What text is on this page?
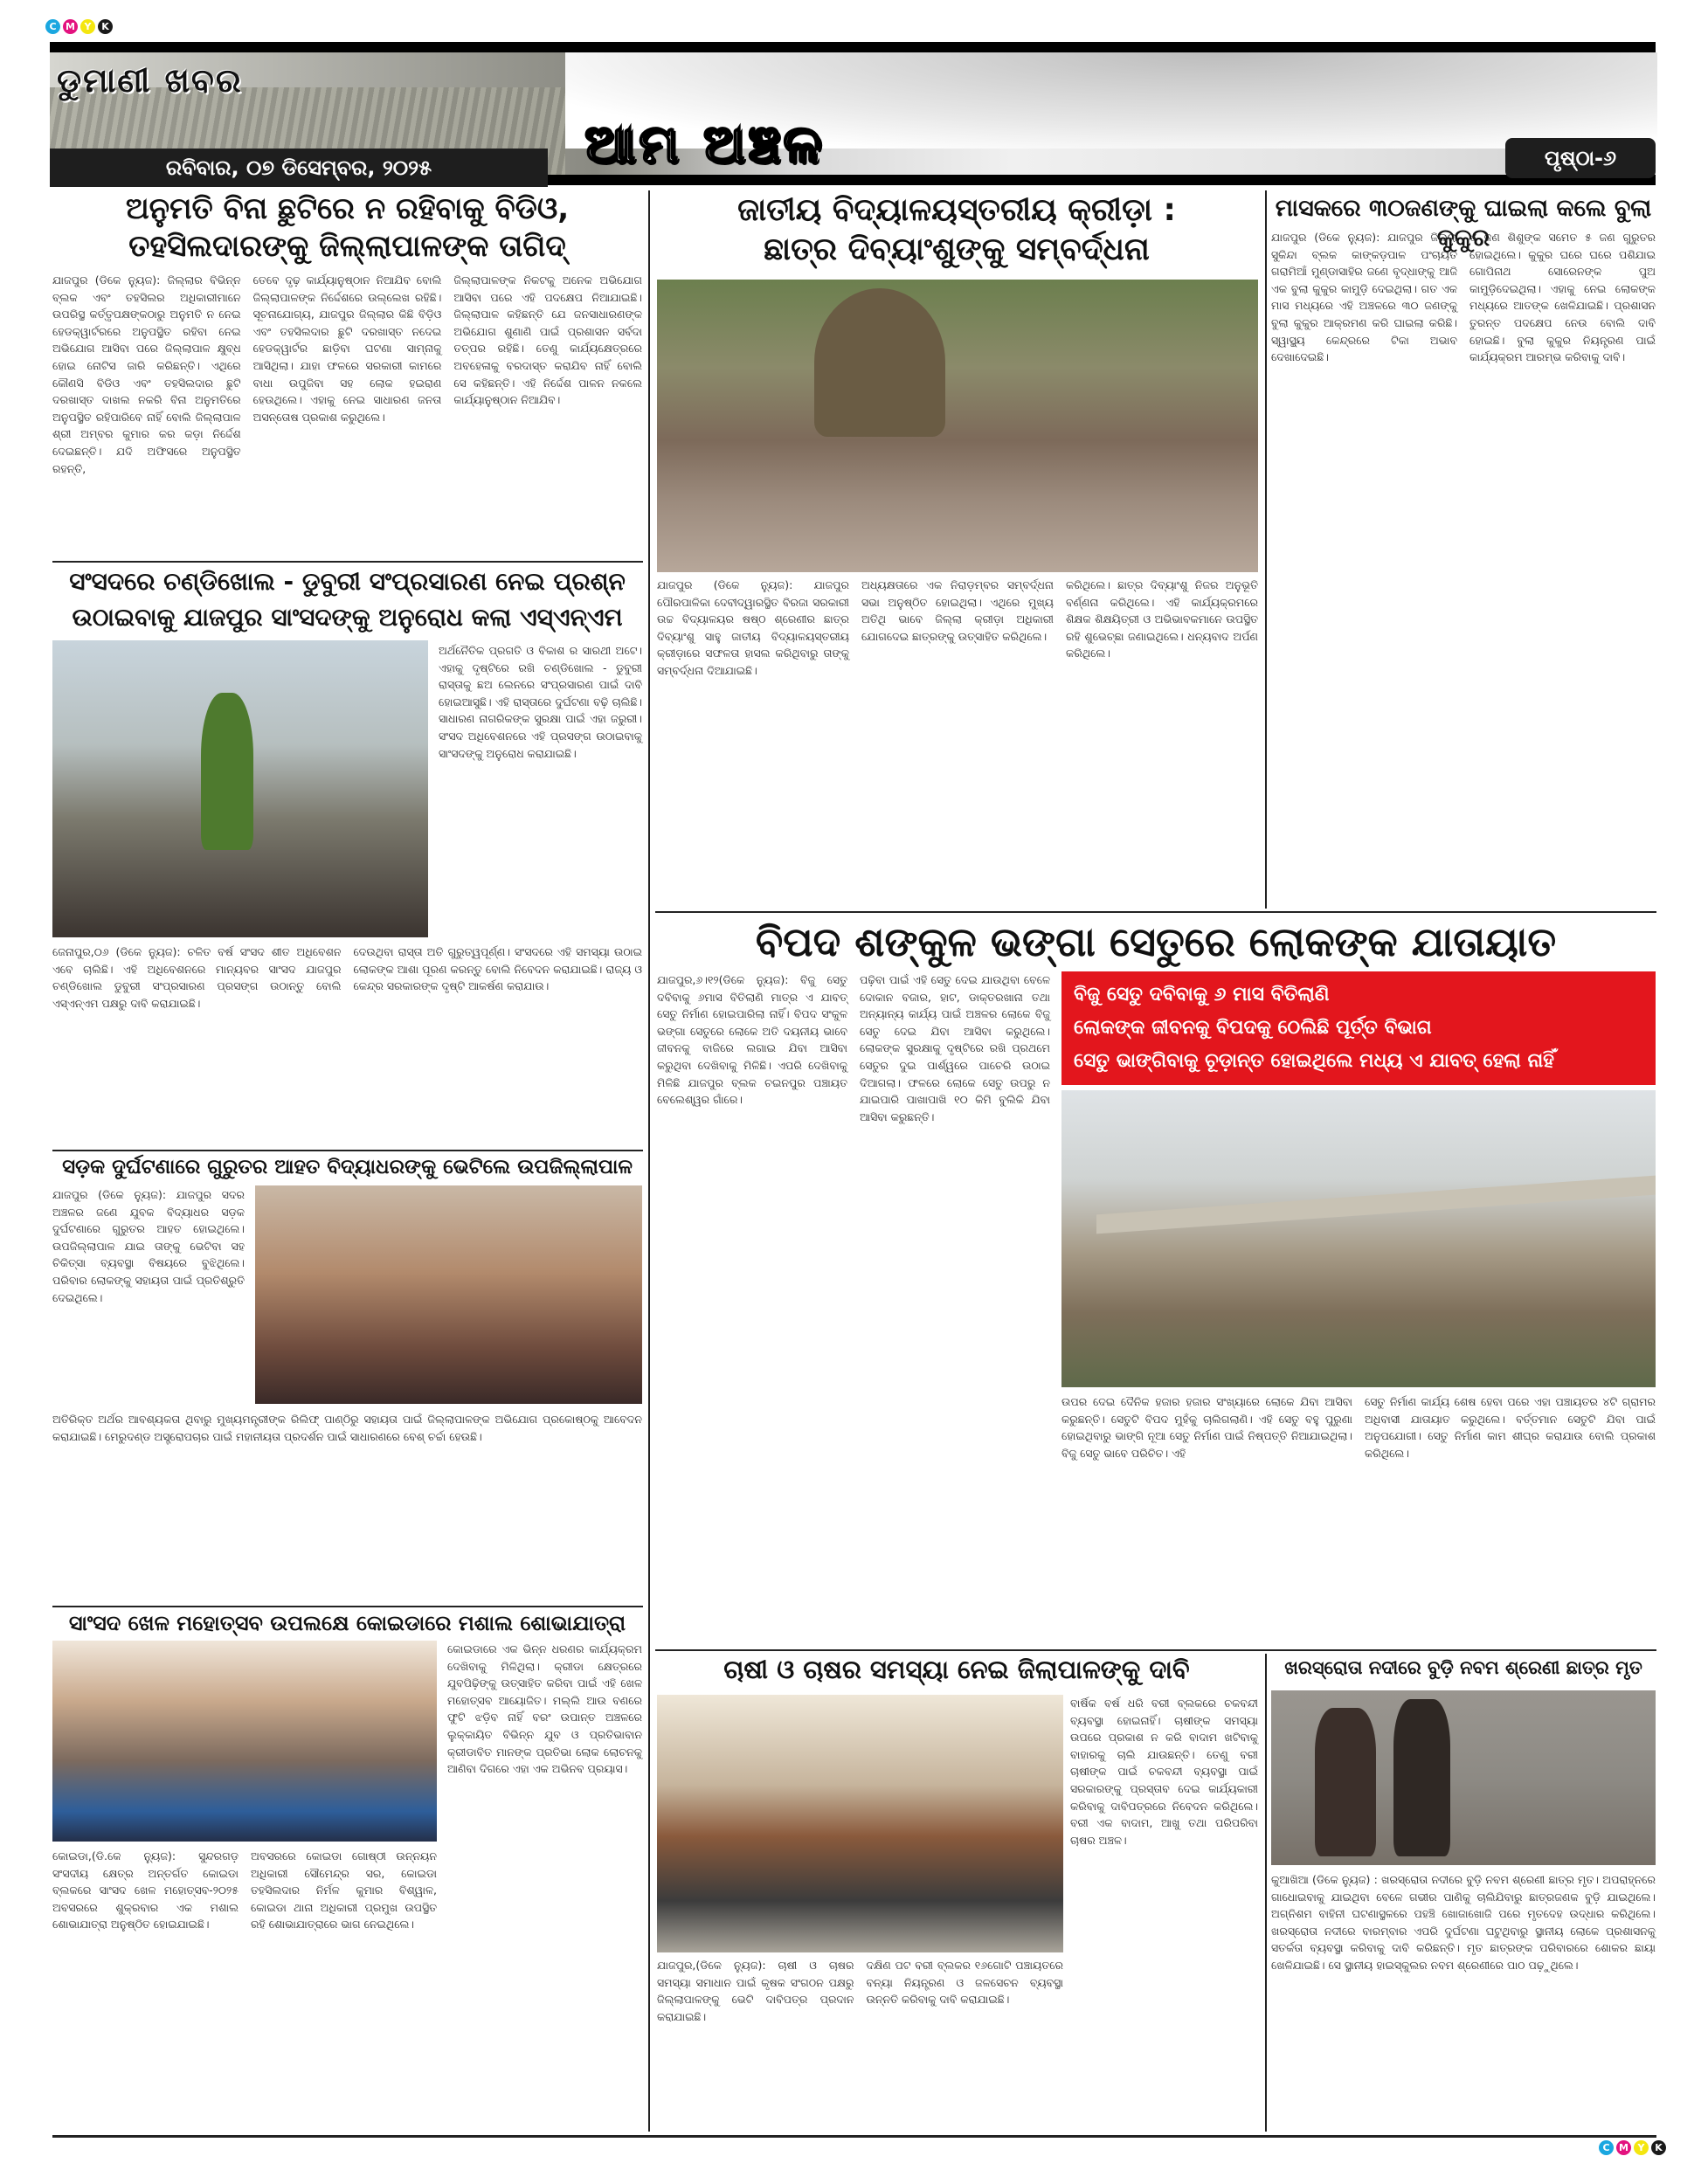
C M Y	K
ଡୁମାଣୀ ଖବର
ରବିବାର, ୦୭ ଡିସେମ୍ବର, ୨୦୨୫	ଆମ ଅଞ୍ଚଳ	ପୃଷ୍ଠା-୬
ଅନୁମତି ବିନା ଛୁଟିରେ ନ ରହିବାକୁ ବିଡିଓ,
ତହସିଲଦାରଙ୍କୁ ଜିଲ୍ଲାପାଳଙ୍କ ତାଗିଦ୍
ଯାଜପୁର (ଡିକେ ନ୍ୟୁଜ): ଜିଲ୍ଲାର ବିଭିନ୍ନ ବ୍ଲକ ଏବଂ ତହସିଲର ଅଧିକାରୀମାନେ ଉପରିସ୍ଥ କର୍ତ୍ତୃପକ୍ଷଙ୍କଠାରୁ ଅନୁମତି ନ ନେଇ ହେଡକ୍ୱାର୍ଟରରେ ଅନୁପସ୍ଥିତ ରହିବା ନେଇ ଅଭିଯୋଗ ଆସିବା ପରେ ଜିଲ୍ଲାପାଳ କ୍ଷୁବ୍ଧ ହୋଇ ନୋଟିସ ଜାରି କରିଛନ୍ତି। ଏଥିରେ କୌଣସି ବିଡିଓ ଏବଂ ତହସିଲଦାର ଛୁଟି ଦରଖାସ୍ତ ଦାଖଲ ନକରି ବିନା ଅନୁମତିରେ ଅନୁପସ୍ଥିତ ରହିପାରିବେ ନାହିଁ ବୋଲି ଜିଲ୍ଲାପାଳ ଶ୍ରୀ ଅମ୍ବର କୁମାର କର କଡ଼ା ନିର୍ଦ୍ଦେଶ ଦେଇଛନ୍ତି। ଯଦି ଅଫିସରେ ଅନୁପସ୍ଥିତ ରହନ୍ତି,
ତେବେ ଦୃଢ଼ କାର୍ଯ୍ୟାନୁଷ୍ଠାନ ନିଆଯିବ ବୋଲି ଜିଲ୍ଲାପାଳଙ୍କ ନିର୍ଦ୍ଦେଶରେ ଉଲ୍ଲେଖ ରହିଛି। ସୂଚନାଯୋଗ୍ୟ, ଯାଜପୁର ଜିଲ୍ଲାର କିଛି ବିଡ଼ିଓ ଏବଂ ତହସିଲଦାର ଛୁଟି ଦରଖାସ୍ତ ନଦେଇ ହେଡକ୍ୱାର୍ଟର ଛାଡ଼ିବା ଘଟଣା ସାମ୍ନାକୁ ଆସିଥିଲା। ଯାହା ଫଳରେ ସରକାରୀ କାମରେ ବାଧା ଉପୁଜିବା ସହ ଲୋକ ହଇରାଣ ହେଉଥିଲେ। ଏହାକୁ ନେଇ ସାଧାରଣ ଜନତା ଅସନ୍ତୋଷ ପ୍ରକାଶ କରୁଥିଲେ।
ଜିଲ୍ଲାପାଳଙ୍କ ନିକଟକୁ ଅନେକ ଅଭିଯୋଗ ଆସିବା ପରେ ଏହି ପଦକ୍ଷେପ ନିଆଯାଇଛି। ଜିଲ୍ଲାପାଳ କହିଛନ୍ତି ଯେ ଜନସାଧାରଣଙ୍କ ଅଭିଯୋଗ ଶୁଣାଣି ପାଇଁ ପ୍ରଶାସନ ସର୍ବଦା ତତ୍ପର ରହିଛି। ତେଣୁ କାର୍ଯ୍ୟକ୍ଷେତ୍ରରେ ଅବହେଳାକୁ ବରଦାସ୍ତ କରାଯିବ ନାହିଁ ବୋଲି ସେ କହିଛନ୍ତି। ଏହି ନିର୍ଦ୍ଦେଶ ପାଳନ ନକଲେ କାର୍ଯ୍ୟାନୁଷ୍ଠାନ ନିଆଯିବ।
ସଂସଦରେ ଚଣ୍ଡିଖୋଲ - ଡୁବୁରୀ ସଂପ୍ରସାରଣ ନେଇ ପ୍ରଶ୍ନ
ଉଠାଇବାକୁ ଯାଜପୁର ସାଂସଦଙ୍କୁ ଅନୁରୋଧ କଲା ଏସ୍ଏନ୍ଏମ
ଅର୍ଥନୈତିକ ପ୍ରଗତି ଓ ବିକାଶ ର ସାରଥୀ ଅଟେ। ଏହାକୁ ଦୃଷ୍ଟିରେ ରଖି ଚଣ୍ଡିଖୋଲ - ଡୁବୁରୀ ରାସ୍ତାକୁ ଛଅ ଲେନରେ ସଂପ୍ରସାରଣ ପାଇଁ ଦାବି ହୋଇଆସୁଛି। ଏହି ରାସ୍ତାରେ ଦୁର୍ଘଟଣା ବଢ଼ି ଚାଲିଛି। ସାଧାରଣ ନାଗରିକଙ୍କ ସୁରକ୍ଷା ପାଇଁ ଏହା ଜରୁରୀ। ସଂସଦ ଅଧିବେଶନରେ ଏହି ପ୍ରସଙ୍ଗ ଉଠାଇବାକୁ ସାଂସଦଙ୍କୁ ଅନୁରୋଧ କରାଯାଇଛି।
ଜେନାପୁର,୦୬ (ଡିକେ ନ୍ୟୁଜ): ଚଳିତ ବର୍ଷ ସଂସଦ ଶୀତ ଅଧିବେଶନ ଏବେ ଚାଲିଛି। ଏହି ଅଧିବେଶନରେ ମାନ୍ୟବର ସାଂସଦ ଯାଜପୁର ଚଣ୍ଡିଖୋଲ ଡୁବୁରୀ ସଂପ୍ରସାରଣ ପ୍ରସଙ୍ଗ ଉଠାନ୍ତୁ ବୋଲି ଏସ୍ଏନ୍ଏମ ପକ୍ଷରୁ ଦାବି କରାଯାଇଛି।
ଦେଉଥିବା ରାସ୍ତା ଅତି ଗୁରୁତ୍ୱପୂର୍ଣ୍ଣ। ସଂସଦରେ ଏହି ସମସ୍ୟା ଉଠାଇ ଲୋକଙ୍କ ଆଶା ପୂରଣ କରନ୍ତୁ ବୋଲି ନିବେଦନ କରାଯାଇଛି। ରାଜ୍ୟ ଓ କେନ୍ଦ୍ର ସରକାରଙ୍କ ଦୃଷ୍ଟି ଆକର୍ଷଣ କରାଯାଉ।
ସଡ଼କ ଦୁର୍ଘଟଣାରେ ଗୁରୁତର ଆହତ ବିଦ୍ୟାଧରଙ୍କୁ ଭେଟିଲେ ଉପଜିଲ୍ଲାପାଳ
ଯାଜପୁର (ଡିକେ ନ୍ୟୁଜ): ଯାଜପୁର ସଦର ଅଞ୍ଚଳର ଜଣେ ଯୁବକ ବିଦ୍ୟାଧର ସଡ଼କ ଦୁର୍ଘଟଣାରେ ଗୁରୁତର ଆହତ ହୋଇଥିଲେ। ଉପଜିଲ୍ଲାପାଳ ଯାଇ ତାଙ୍କୁ ଭେଟିବା ସହ ଚିକିତ୍ସା ବ୍ୟବସ୍ଥା ବିଷୟରେ ବୁଝିଥିଲେ। ପରିବାର ଲୋକଙ୍କୁ ସହାୟତା ପାଇଁ ପ୍ରତିଶ୍ରୁତି ଦେଇଥିଲେ।
ଅତିରିକ୍ତ ଅର୍ଥର ଆବଶ୍ୟକତା ଥିବାରୁ ମୁଖ୍ୟମନ୍ତ୍ରୀଙ୍କ ରିଲିଫ୍ ପାଣ୍ଠିରୁ ସହାୟତା ପାଇଁ ଜିଲ୍ଲାପାଳଙ୍କ ଅଭିଯୋଗ ପ୍ରକୋଷ୍ଠକୁ ଆବେଦନ କରାଯାଇଛି। ମେରୁଦଣ୍ଡ ଅସ୍ତ୍ରୋପଚାର ପାଇଁ ମହାନୀୟତା ପ୍ରଦର୍ଶନ ପାଇଁ ସାଧାରଣରେ ବେଶ୍ ଚର୍ଚ୍ଚା ହେଉଛି।
ସାଂସଦ ଖେଳ ମହୋତ୍ସବ ଉପଲକ୍ଷେ କୋଇଡାରେ ମଶାଲ ଶୋଭାଯାତ୍ରା
କୋଇଡାରେ ଏକ ଭିନ୍ନ ଧରଣର କାର୍ଯ୍ୟକ୍ରମ ଦେଖିବାକୁ ମିଳିଥିଲା। କ୍ରୀଡା କ୍ଷେତ୍ରରେ ଯୁବପିଢ଼ିଙ୍କୁ ଉତ୍ସାହିତ କରିବା ପାଇଁ ଏହି ଖେଳ ମହୋତ୍ସବ ଆୟୋଜିତ। ମଲ୍ଲି ଆଉ ବଣରେ ଫୁଟି ଝଡ଼ିବ ନାହିଁ ବରଂ ଉପାନ୍ତ ଅଞ୍ଚଳରେ ଲୁକ୍କାୟିତ ବିଭିନ୍ନ ଯୁବ ଓ ପ୍ରତିଭାବାନ କ୍ରୀଡାବିତ ମାନଙ୍କ ପ୍ରତିଭା ଲୋକ ଲୋଚନକୁ ଆଣିବା ଦିଗରେ ଏହା ଏକ ଅଭିନବ ପ୍ରୟାସ।
କୋଇଡା,(ଡି.କେ ନ୍ୟୁଜ): ସୁନ୍ଦରଗଡ଼ ସଂସଦୀୟ କ୍ଷେତ୍ର ଅନ୍ତର୍ଗତ କୋଇଡା ବ୍ଲକରେ ସାଂସଦ ଖେଳ ମହୋତ୍ସବ-୨୦୨୫ ଅବସରରେ ଶୁକ୍ରବାର ଏକ ମଶାଲ ଶୋଭାଯାତ୍ରା ଅନୁଷ୍ଠିତ ହୋଇଯାଇଛି।
ଅବସରରେ କୋଇଡା ଗୋଷ୍ଠୀ ଉନ୍ନୟନ ଅଧିକାରୀ ସୌମେନ୍ଦ୍ର ସର, କୋଇଡା ତହସିଲଦାର ନିର୍ମଳ କୁମାର ବିଶ୍ୱାଳ, କୋଇଡା ଥାନା ଅଧିକାରୀ ପ୍ରମୁଖ ଉପସ୍ଥିତ ରହି ଶୋଭାଯାତ୍ରାରେ ଭାଗ ନେଇଥିଲେ।
ଜାତୀୟ ବିଦ୍ୟାଳୟସ୍ତରୀୟ କ୍ରୀଡ଼ା :
ଛାତ୍ର ଦିବ୍ୟାଂଶୁଙ୍କୁ ସମ୍ବର୍ଦ୍ଧନା
ଯାଜପୁର (ଡିକେ ନ୍ୟୁଜ): ଯାଜପୁର ପୌରପାଳିକା ଦେବୀଦ୍ୱାରସ୍ଥିତ ବିରଜା ସରକାରୀ ଉଚ୍ଚ ବିଦ୍ୟାଳୟର ଷଷ୍ଠ ଶ୍ରେଣୀର ଛାତ୍ର ଦିବ୍ୟାଂଶୁ ସାହୁ ଜାତୀୟ ବିଦ୍ୟାଳୟସ୍ତରୀୟ କ୍ରୀଡ଼ାରେ ସଫଳତା ହାସଲ କରିଥିବାରୁ ତାଙ୍କୁ ସମ୍ବର୍ଦ୍ଧନା ଦିଆଯାଇଛି।
ଅଧ୍ୟକ୍ଷତାରେ ଏକ ନିରାଡ଼ମ୍ବର ସମ୍ବର୍ଦ୍ଧନା ସଭା ଅନୁଷ୍ଠିତ ହୋଇଥିଲା। ଏଥିରେ ମୁଖ୍ୟ ଅତିଥି ଭାବେ ଜିଲ୍ଲା କ୍ରୀଡ଼ା ଅଧିକାରୀ ଯୋଗଦେଇ ଛାତ୍ରଙ୍କୁ ଉତ୍ସାହିତ କରିଥିଲେ।
କରିଥିଲେ। ଛାତ୍ର ଦିବ୍ୟାଂଶୁ ନିଜର ଅନୁଭୂତି ବର୍ଣ୍ଣନା କରିଥିଲେ। ଏହି କାର୍ଯ୍ୟକ୍ରମରେ ଶିକ୍ଷକ ଶିକ୍ଷୟିତ୍ରୀ ଓ ଅଭିଭାବକମାନେ ଉପସ୍ଥିତ ରହି ଶୁଭେଚ୍ଛା ଜଣାଇଥିଲେ। ଧନ୍ୟବାଦ ଅର୍ପଣ କରିଥିଲେ।
ମାସକରେ ୩୦ଜଣଙ୍କୁ ଘାଇଲା କଲେ ବୁଲା କୁକୁର
ଯାଜପୁର (ଡିକେ ନ୍ୟୁଜ): ଯାଜପୁର ଜିଲ୍ଲା ସୁକିନ୍ଦା ବ୍ଲକ କାଙ୍କଡ଼ପାଳ ପଂଚାୟତ ଗରାମିଆଁ ମୁଣ୍ଡାସାହିର ଜଣେ ବୃଦ୍ଧାଙ୍କୁ ଆଜି ଏକ ବୁଲା କୁକୁର କାମୁଡ଼ି ଦେଇଥିଲା। ଗତ ଏକ ମାସ ମଧ୍ୟରେ ଏହି ଅଞ୍ଚଳରେ ୩୦ ଜଣଙ୍କୁ ବୁଲା କୁକୁର ଆକ୍ରମଣ କରି ଘାଇଲା କରିଛି। ସ୍ୱାସ୍ଥ୍ୟ କେନ୍ଦ୍ରରେ ଟିକା ଅଭାବ ଦେଖାଦେଇଛି।
୪ ଜଣ ଶିଶୁଙ୍କ ସମେତ ୫ ଜଣ ଗୁରୁତର ହୋଇଥିଲେ। କୁକୁର ଘରେ ଘରେ ପଶିଯାଇ ଗୋପିନାଥ ସୋରେନଙ୍କ ପୁଅ କାମୁଡ଼ିଦେଇଥିଲା। ଏହାକୁ ନେଇ ଲୋକଙ୍କ ମଧ୍ୟରେ ଆତଙ୍କ ଖେଳିଯାଇଛି। ପ୍ରଶାସନ ତୁରନ୍ତ ପଦକ୍ଷେପ ନେଉ ବୋଲି ଦାବି ହୋଇଛି। ବୁଲା କୁକୁର ନିୟନ୍ତ୍ରଣ ପାଇଁ କାର୍ଯ୍ୟକ୍ରମ ଆରମ୍ଭ କରିବାକୁ ଦାବି।
ବିପଦ ଶଙ୍କୁଳ ଭଙ୍ଗା ସେତୁରେ ଲୋକଙ୍କ ଯାତାୟାତ
ଯାଜପୁର,୬।୧୨(ଡିକେ ନ୍ୟୁଜ): ବିଜୁ ସେତୁ ଦବିବାକୁ ୬ମାସ ବିତିଲାଣି ମାତ୍ର ଏ ଯାବତ୍ ସେତୁ ନିର୍ମାଣ ହୋଇପାରିଲା ନାହିଁ। ବିପଦ ସଂକୁଳ ଭଙ୍ଗା ସେତୁରେ ଲୋକେ ଅତି ଦୟନୀୟ ଭାବେ ଜୀବନକୁ ବାଜିରେ ଲଗାଇ ଯିବା ଆସିବା କରୁଥିବା ଦେଖିବାକୁ ମିଳିଛି। ଏପରି ଦେଖିବାକୁ ମିଳିଛି ଯାଜପୁର ବ୍ଲକ ଚଇନପୁର ପଞ୍ଚାୟତ ବେଲେଶ୍ୱର ଗାଁରେ।
ପଢ଼ିବା ପାଇଁ ଏହି ସେତୁ ଦେଇ ଯାଉଥିବା ବେଳେ ଦୋକାନ ବଜାର, ହାଟ, ଡାକ୍ତରଖାନା ତଥା ଅନ୍ୟାନ୍ୟ କାର୍ଯ୍ୟ ପାଇଁ ଅଞ୍ଚଳର ଲୋକେ ବିଜୁ ସେତୁ ଦେଇ ଯିବା ଆସିବା କରୁଥିଲେ। ଲୋକଙ୍କ ସୁରକ୍ଷାକୁ ଦୃଷ୍ଟିରେ ରଖି ପ୍ରଥମେ ସେତୁର ଦୁଇ ପାର୍ଶ୍ୱରେ ପାଚେରି ଉଠାଇ ଦିଆଗଲା। ଫଳରେ ଲୋକେ ସେତୁ ଉପରୁ ନ ଯାଇପାରି ପାଖାପାଖି ୧୦ କିମି ବୁଲିକି ଯିବା ଆସିବା କରୁଛନ୍ତି।
ବିଜୁ ସେତୁ ଦବିବାକୁ ୬ ମାସ ବିତିଲାଣି
ଲୋକଙ୍କ ଜୀବନକୁ ବିପଦକୁ ଠେଲିଛି ପୂର୍ତ୍ତ ବିଭାଗ
ସେତୁ ଭାଙ୍ଗିବାକୁ ଚୂଡ଼ାନ୍ତ ହୋଇଥିଲେ ମଧ୍ୟ ଏ ଯାବତ୍ ହେଲା ନାହିଁ
ଉପର ଦେଇ ଦୈନିକ ହଜାର ହଜାର ସଂଖ୍ୟାରେ ଲୋକେ ଯିବା ଆସିବା କରୁଛନ୍ତି। ସେତୁଟି ବିପଦ ମୁହଁକୁ ଚାଲିଗଲାଣି। ଏହି ସେତୁ ବହୁ ପୁରୁଣା ହୋଇଥିବାରୁ ଭାଙ୍ଗି ନୂଆ ସେତୁ ନିର୍ମାଣ ପାଇଁ ନିଷ୍ପତ୍ତି ନିଆଯାଇଥିଲା। ବିଜୁ ସେତୁ ଭାବେ ପରିଚିତ। ଏହି
ସେତୁ ନିର୍ମାଣ କାର୍ଯ୍ୟ ଶେଷ ହେବା ପରେ ଏହା ପଞ୍ଚାୟତର ୪ଟି ଗ୍ରାମର ଅଧିବାସୀ ଯାତାୟାତ କରୁଥିଲେ। ବର୍ତ୍ତମାନ ସେତୁଟି ଯିବା ପାଇଁ ଅନୁପଯୋଗୀ। ସେତୁ ନିର୍ମାଣ କାମ ଶୀଘ୍ର କରାଯାଉ ବୋଲି ପ୍ରକାଶ କରିଥିଲେ।
ଚାଷୀ ଓ ଚାଷର ସମସ୍ୟା ନେଇ ଜିଲାପାଳଙ୍କୁ ଦାବି
ବାର୍ଷିକ ବର୍ଷ ଧରି ବରୀ ବ୍ଲକରେ ଚକବନ୍ଦୀ ବ୍ୟବସ୍ଥା ହୋଇନାହିଁ। ଚାଷୀଙ୍କ ସମସ୍ୟା ଉପରେ ପ୍ରକାଶ ନ କରି ବାଦାମ ଖଟିବାକୁ ବାହାରକୁ ଚାଲି ଯାଉଛନ୍ତି। ତେଣୁ ବରୀ ଚାଷୀଙ୍କ ପାଇଁ ଚକବନ୍ଦୀ ବ୍ୟବସ୍ଥା ପାଇଁ ସରକାରଙ୍କୁ ପ୍ରସ୍ତାବ ଦେଇ କାର୍ଯ୍ୟକାରୀ କରିବାକୁ ଦାବିପତ୍ରରେ ନିବେଦନ କରିଥିଲେ। ବରୀ ଏକ ବାଦାମ, ଆଖୁ ତଥା ପରିପରିବା ଚାଷର ଅଞ୍ଚଳ।
ଯାଜପୁର,(ଡିକେ ନ୍ୟୁଜ): ଚାଷୀ ଓ ଚାଷର ସମସ୍ୟା ସମାଧାନ ପାଇଁ କୃଷକ ସଂଗଠନ ପକ୍ଷରୁ ଜିଲ୍ଲାପାଳଙ୍କୁ ଭେଟି ଦାବିପତ୍ର ପ୍ରଦାନ କରାଯାଇଛି।
ଦକ୍ଷିଣ ପଟ ବରୀ ବ୍ଲକର ୧୬ଗୋଟି ପଞ୍ଚାୟତରେ ବନ୍ୟା ନିୟନ୍ତ୍ରଣ ଓ ଜଳସେଚନ ବ୍ୟବସ୍ଥା ଉନ୍ନତି କରିବାକୁ ଦାବି କରାଯାଇଛି।
ଖରସ୍ରୋତା ନଦୀରେ ବୁଡ଼ି ନବମ ଶ୍ରେଣୀ ଛାତ୍ର ମୃତ
କୁଆଖିଆ (ଡିକେ ନ୍ୟୁଜ) : ଖରସ୍ରୋତା ନଦୀରେ ବୁଡ଼ି ନବମ ଶ୍ରେଣୀ ଛାତ୍ର ମୃତ। ଅପରାହ୍ନରେ ଗାଧୋଇବାକୁ ଯାଇଥିବା ବେଳେ ଗଭୀର ପାଣିକୁ ଚାଲିଯିବାରୁ ଛାତ୍ରଜଣକ ବୁଡ଼ି ଯାଇଥିଲେ। ଅଗ୍ନିଶମ ବାହିନୀ ଘଟଣାସ୍ଥଳରେ ପହଞ୍ଚି ଖୋଜାଖୋଜି ପରେ ମୃତଦେହ ଉଦ୍ଧାର କରିଥିଲେ। ଖରସ୍ରୋତା ନଦୀରେ ବାରମ୍ବାର ଏପରି ଦୁର୍ଘଟଣା ଘଟୁଥିବାରୁ ସ୍ଥାନୀୟ ଲୋକେ ପ୍ରଶାସନକୁ ସତର୍କତା ବ୍ୟବସ୍ଥା କରିବାକୁ ଦାବି କରିଛନ୍ତି। ମୃତ ଛାତ୍ରଙ୍କ ପରିବାରରେ ଶୋକର ଛାୟା ଖେଳିଯାଇଛି। ସେ ସ୍ଥାନୀୟ ହାଇସ୍କୁଲର ନବମ ଶ୍ରେଣୀରେ ପାଠ ପଢ଼ୁଥିଲେ।
C M Y	K
